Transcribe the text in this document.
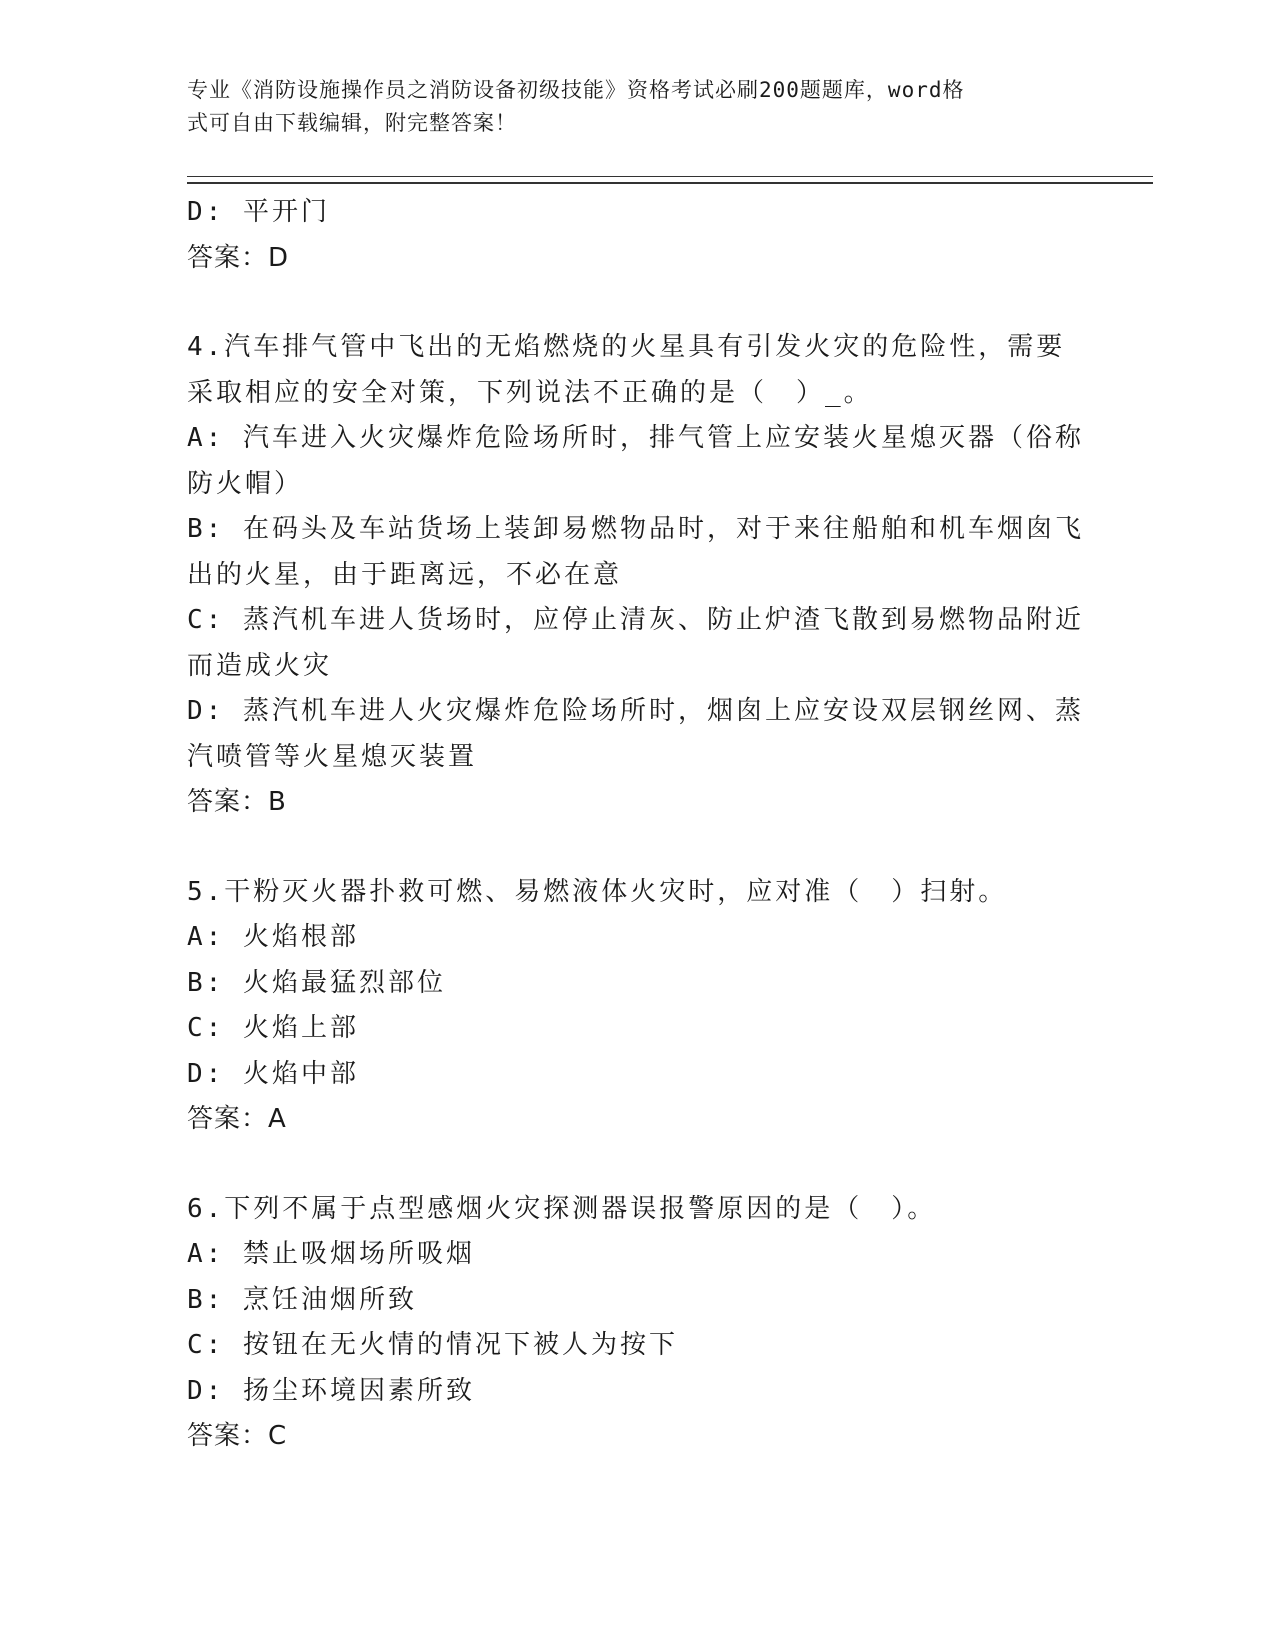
专业《消防设施操作员之消防设备初级技能》资格考试必刷200题题库，word格
式可自由下载编辑，附完整答案！
D: 平开门
答案：D
4.汽车排气管中飞出的无焰燃烧的火星具有引发火灾的危险性，需要
采取相应的安全对策，下列说法不正确的是（　）_。
A: 汽车进入火灾爆炸危险场所时，排气管上应安装火星熄灭器（俗称
防火帽）
B: 在码头及车站货场上装卸易燃物品时，对于来往船舶和机车烟囱飞
出的火星，由于距离远，不必在意
C: 蒸汽机车进人货场时，应停止清灰、防止炉渣飞散到易燃物品附近
而造成火灾
D: 蒸汽机车进人火灾爆炸危险场所时，烟囱上应安设双层钢丝网、蒸
汽喷管等火星熄灭装置
答案：B
5.干粉灭火器扑救可燃、易燃液体火灾时，应对准（　）扫射。
A: 火焰根部
B: 火焰最猛烈部位
C: 火焰上部
D: 火焰中部
答案：A
6.下列不属于点型感烟火灾探测器误报警原因的是（　）。
A: 禁止吸烟场所吸烟
B: 烹饪油烟所致
C: 按钮在无火情的情况下被人为按下
D: 扬尘环境因素所致
答案：C
